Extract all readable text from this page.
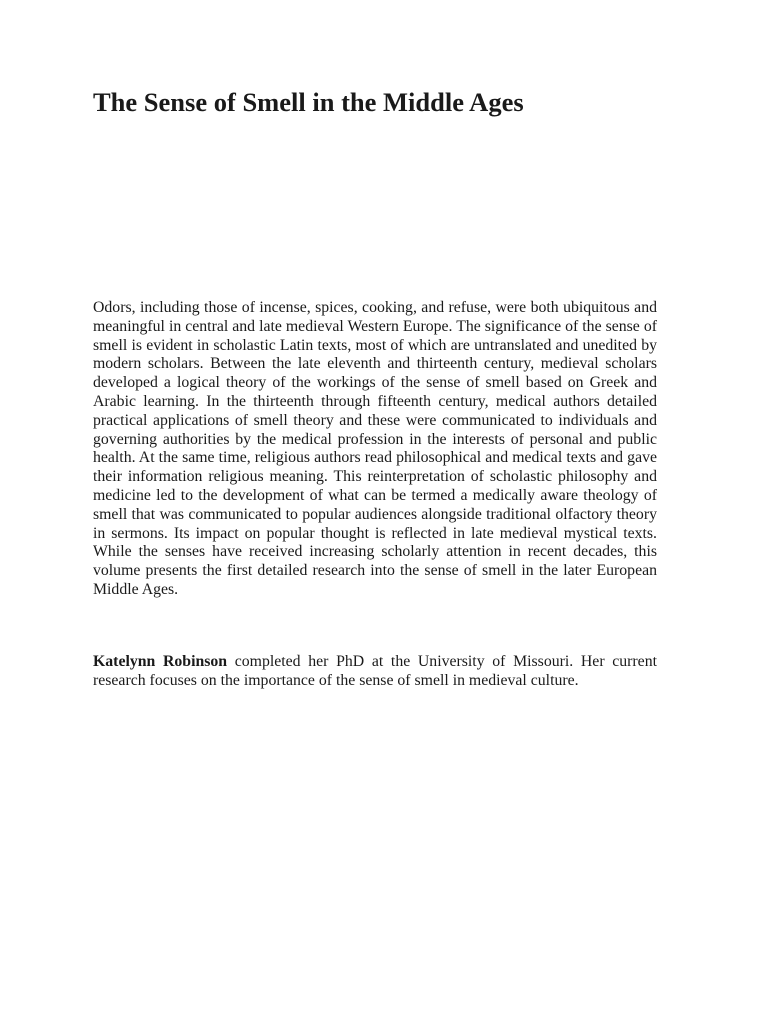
The Sense of Smell in the Middle Ages

Odors, including those of incense, spices, cooking, and refuse, were both ubiquitous and meaningful in central and late medieval Western Europe. The significance of the sense of smell is evident in scholastic Latin texts, most of which are untranslated and unedited by modern scholars. Between the late eleventh and thirteenth century, medieval scholars developed a logical theory of the workings of the sense of smell based on Greek and Arabic learning. In the thirteenth through fifteenth century, medical authors detailed practical applications of smell theory and these were communicated to individuals and governing authorities by the medical profession in the interests of personal and public health. At the same time, religious authors read philosophical and medical texts and gave their information religious meaning. This reinterpretation of scholastic philosophy and medicine led to the development of what can be termed a medically aware theology of smell that was communicated to popular audiences alongside traditional olfactory theory in sermons. Its impact on popular thought is reflected in late medieval mystical texts. While the senses have received increasing scholarly attention in recent decades, this volume presents the first detailed research into the sense of smell in the later European Middle Ages.

Katelynn Robinson completed her PhD at the University of Missouri. Her current research focuses on the importance of the sense of smell in medieval culture.
